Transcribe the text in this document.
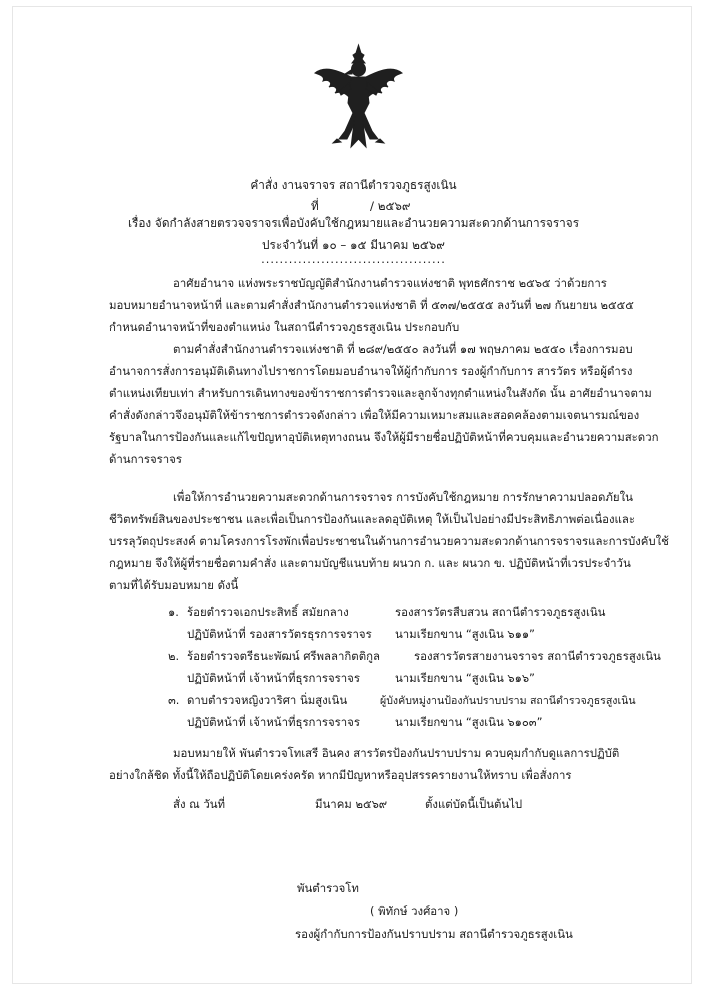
คำสั่ง งานจราจร สถานีตำรวจภูธรสูงเนิน
ที่	/ ๒๕๖๙
เรื่อง จัดกำลังสายตรวจจราจรเพื่อบังคับใช้กฎหมายและอำนวยความสะดวกด้านการจราจร
ประจำวันที่ ๑๐ – ๑๕ มีนาคม ๒๕๖๙
........................................
อาศัยอำนาจ แห่งพระราชบัญญัติสำนักงานตำรวจแห่งชาติ พุทธศักราช ๒๕๖๕ ว่าด้วยการ
มอบหมายอำนาจหน้าที่ และตามคำสั่งสำนักงานตำรวจแห่งชาติ ที่ ๕๓๗/๒๕๕๕ ลงวันที่ ๒๗ กันยายน ๒๕๕๕
กำหนดอำนาจหน้าที่ของตำแหน่ง ในสถานีตำรวจภูธรสูงเนิน ประกอบกับ
ตามคำสั่งสำนักงานตำรวจแห่งชาติ ที่ ๒๘๙/๒๕๕๐ ลงวันที่ ๑๗ พฤษภาคม ๒๕๕๐ เรื่องการมอบ
อำนาจการสั่งการอนุมัติเดินทางไปราชการโดยมอบอำนาจให้ผู้กำกับการ รองผู้กำกับการ สารวัตร หรือผู้ดำรง
ตำแหน่งเทียบเท่า สำหรับการเดินทางของข้าราชการตำรวจและลูกจ้างทุกตำแหน่งในสังกัด นั้น อาศัยอำนาจตาม
คำสั่งดังกล่าวจึงอนุมัติให้ข้าราชการตำรวจดังกล่าว เพื่อให้มีความเหมาะสมและสอดคล้องตามเจตนารมณ์ของ
รัฐบาลในการป้องกันและแก้ไขปัญหาอุบัติเหตุทางถนน จึงให้ผู้มีรายชื่อปฏิบัติหน้าที่ควบคุมและอำนวยความสะดวก
ด้านการจราจร
เพื่อให้การอำนวยความสะดวกด้านการจราจร การบังคับใช้กฎหมาย การรักษาความปลอดภัยใน
ชีวิตทรัพย์สินของประชาชน และเพื่อเป็นการป้องกันและลดอุบัติเหตุ ให้เป็นไปอย่างมีประสิทธิภาพต่อเนื่องและ
บรรลุวัตถุประสงค์ ตามโครงการโรงพักเพื่อประชาชนในด้านการอำนวยความสะดวกด้านการจราจรและการบังคับใช้
กฎหมาย จึงให้ผู้ที่รายชื่อตามคำสั่ง และตามบัญชีแนบท้าย ผนวก ก. และ ผนวก ข. ปฏิบัติหน้าที่เวรประจำวัน
ตามที่ได้รับมอบหมาย ดังนี้
๑. ร้อยตำรวจเอกประสิทธิ์ สมัยกลาง	รองสารวัตรสืบสวน สถานีตำรวจภูธรสูงเนิน
ปฏิบัติหน้าที่ รองสารวัตรธุรการจราจร นามเรียกขาน “สูงเนิน ๖๑๑”
๒. ร้อยตำรวจตรีธนะพัฒน์ ศรีพลลากิตติกูล	รองสารวัตรสายงานจราจร สถานีตำรวจภูธรสูงเนิน
ปฏิบัติหน้าที่ เจ้าหน้าที่ธุรการจราจร	นามเรียกขาน “สูงเนิน ๖๑๖”
๓. ดาบตำรวจหญิงวาริศา นิ่มสูงเนิน	ผู้บังคับหมู่งานป้องกันปราบปราม สถานีตำรวจภูธรสูงเนิน
ปฏิบัติหน้าที่ เจ้าหน้าที่ธุรการจราจร	นามเรียกขาน “สูงเนิน ๖๑๐๓”
มอบหมายให้ พันตำรวจโทเสรี อินคง สารวัตรป้องกันปราบปราม ควบคุมกำกับดูแลการปฏิบัติ
อย่างใกล้ชิด ทั้งนี้ให้ถือปฏิบัติโดยเคร่งครัด หากมีปัญหาหรืออุปสรรครายงานให้ทราบ เพื่อสั่งการ
สั่ง ณ วันที่	มีนาคม ๒๕๖๙	ตั้งแต่บัดนี้เป็นต้นไป
พันตำรวจโท
( พิทักษ์ วงศ์อาจ )
รองผู้กำกับการป้องกันปราบปราม สถานีตำรวจภูธรสูงเนิน
